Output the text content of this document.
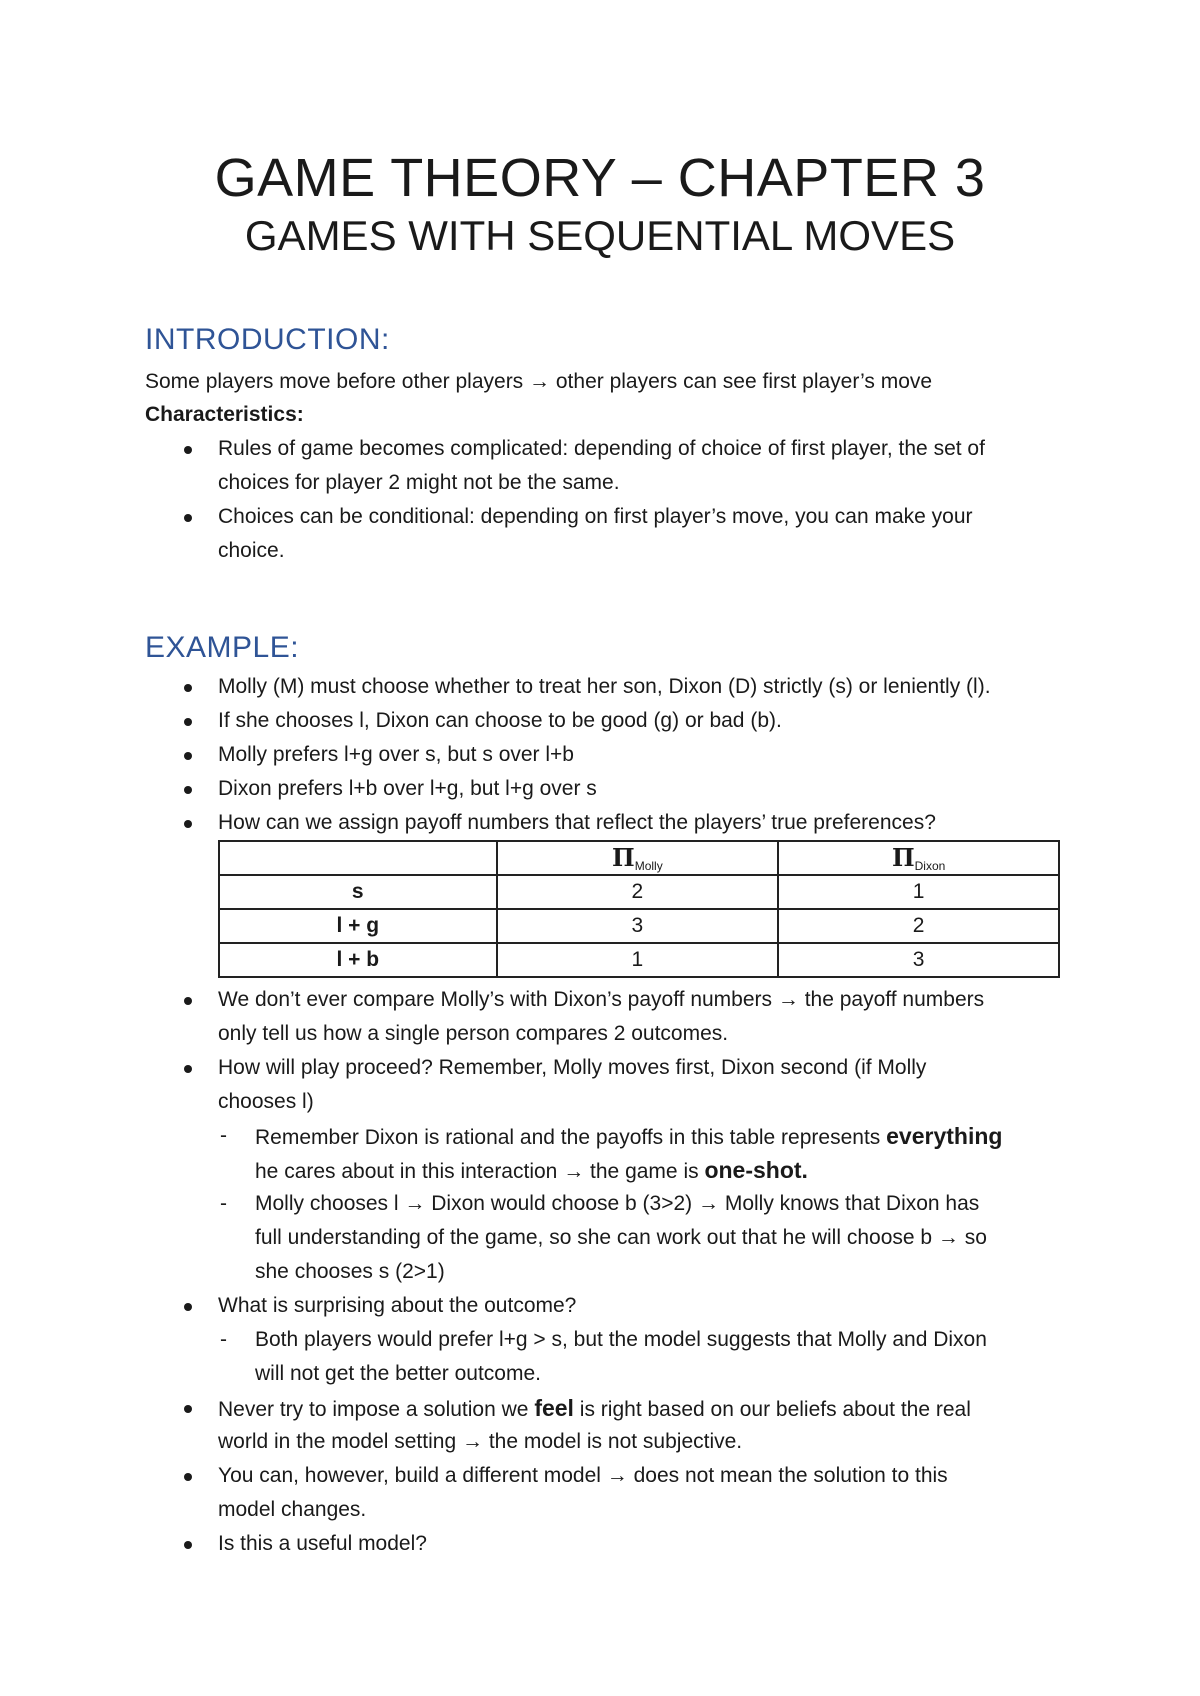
GAME THEORY – CHAPTER 3
GAMES WITH SEQUENTIAL MOVES
INTRODUCTION:
Some players move before other players → other players can see first player’s move
Characteristics:
Rules of game becomes complicated: depending of choice of first player, the set of
choices for player 2 might not be the same.
Choices can be conditional: depending on first player’s move, you can make your
choice.
EXAMPLE:
Molly (M) must choose whether to treat her son, Dixon (D) strictly (s) or leniently (l).
If she chooses l, Dixon can choose to be good (g) or bad (b).
Molly prefers l+g over s, but s over l+b
Dixon prefers l+b over l+g, but l+g over s
How can we assign payoff numbers that reflect the players’ true preferences?
	$\Pi_{Molly}$	$\Pi_{Dixon}$
s	2	1
l + g	3	2
l + b	1	3
We don’t ever compare Molly’s with Dixon’s payoff numbers → the payoff numbers
only tell us how a single person compares 2 outcomes.
How will play proceed? Remember, Molly moves first, Dixon second (if Molly
chooses l)
- Remember Dixon is rational and the payoffs in this table represents everything
he cares about in this interaction → the game is one-shot.
- Molly chooses l → Dixon would choose b (3>2) → Molly knows that Dixon has
full understanding of the game, so she can work out that he will choose b → so
she chooses s (2>1)
What is surprising about the outcome?
- Both players would prefer l+g > s, but the model suggests that Molly and Dixon
will not get the better outcome.
Never try to impose a solution we feel is right based on our beliefs about the real
world in the model setting → the model is not subjective.
You can, however, build a different model → does not mean the solution to this
model changes.
Is this a useful model?
